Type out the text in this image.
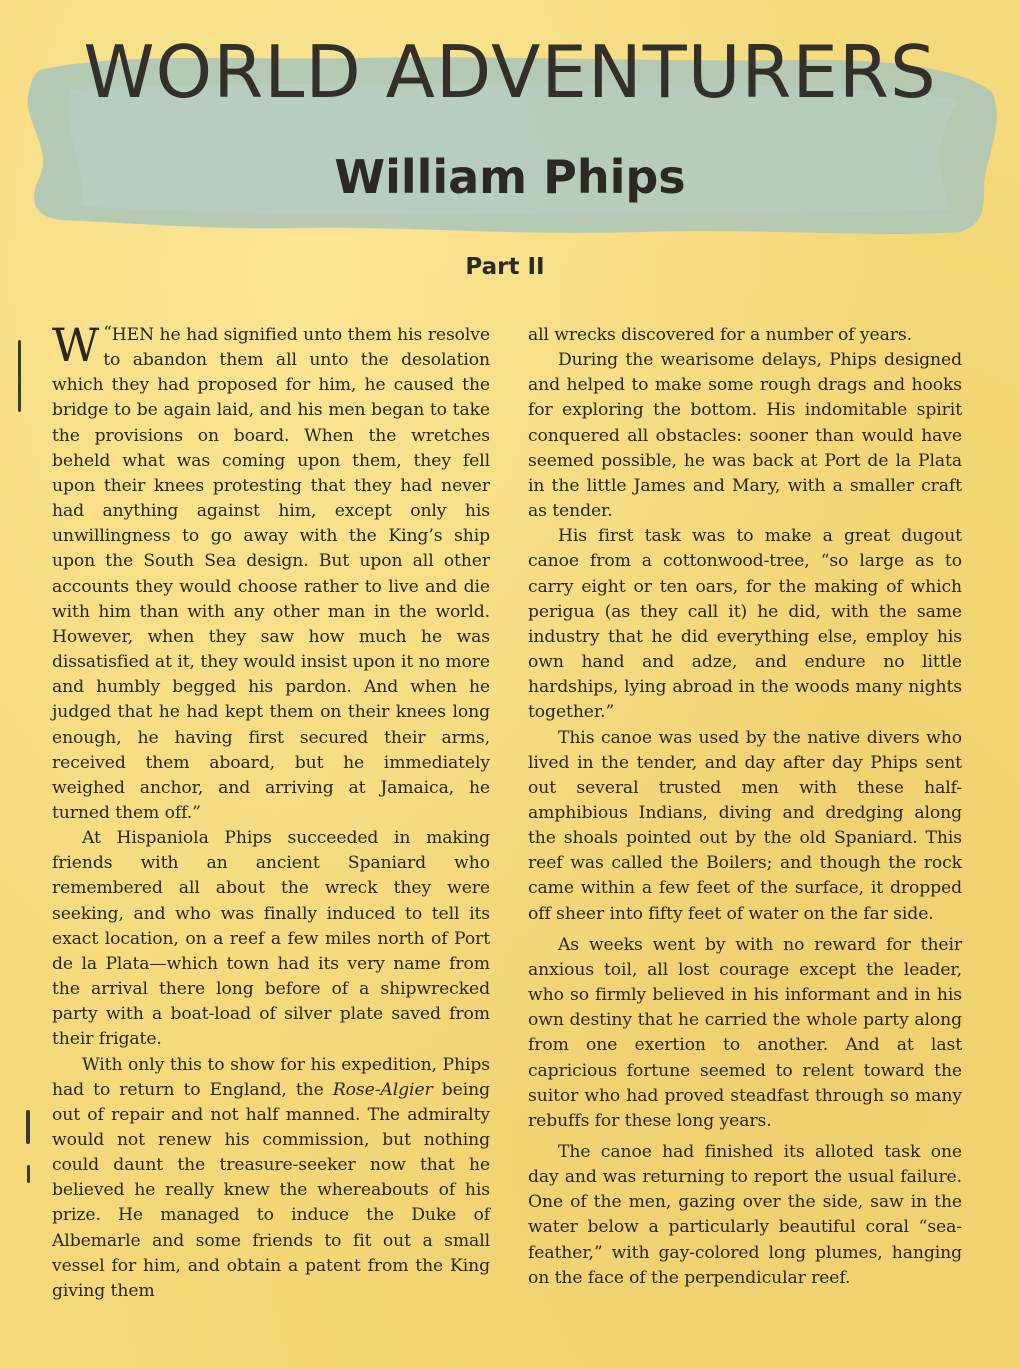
WORLD ADVENTURERS
William Phips
Part II

“
W HEN he had signified unto them his resolve to abandon them all unto the desolation which they had proposed for him, he caused the bridge to be again laid, and his men began to take the provisions on board. When the wretches beheld what was coming upon them, they fell upon their knees protesting that they had never had anything against him, except only his unwillingness to go away with the King’s ship upon the South Sea design. But upon all other accounts they would choose rather to live and die with him than with any other man in the world. However, when they saw how much he was dissatisfied at it, they would insist upon it no more and humbly begged his pardon. And when he judged that he had kept them on their knees long enough, he having first secured their arms, received them aboard, but he immediately weighed anchor, and arriving at Jamaica, he turned them off.”

At Hispaniola Phips succeeded in making friends with an ancient Spaniard who remembered all about the wreck they were seeking, and who was finally induced to tell its exact location, on a reef a few miles north of Port de la Plata—which town had its very name from the arrival there long before of a shipwrecked party with a boat-load of silver plate saved from their frigate.

With only this to show for his expedition, Phips had to return to England, the Rose-Algier being out of repair and not half manned. The admiralty would not renew his commission, but nothing could daunt the treasure-seeker now that he believed he really knew the whereabouts of his prize. He managed to induce the Duke of Albemarle and some friends to fit out a small vessel for him, and obtain a patent from the King giving them

all wrecks discovered for a number of years.

During the wearisome delays, Phips designed and helped to make some rough drags and hooks for exploring the bottom. His indomitable spirit conquered all obstacles: sooner than would have seemed possible, he was back at Port de la Plata in the little James and Mary, with a smaller craft as tender.

His first task was to make a great dugout canoe from a cottonwood-tree, “so large as to carry eight or ten oars, for the making of which perigua (as they call it) he did, with the same industry that he did everything else, employ his own hand and adze, and endure no little hardships, lying abroad in the woods many nights together.”

This canoe was used by the native divers who lived in the tender, and day after day Phips sent out several trusted men with these half-amphibious Indians, diving and dredging along the shoals pointed out by the old Spaniard. This reef was called the Boilers; and though the rock came within a few feet of the surface, it dropped off sheer into fifty feet of water on the far side.

As weeks went by with no reward for their anxious toil, all lost courage except the leader, who so firmly believed in his informant and in his own destiny that he carried the whole party along from one exertion to another. And at last capricious fortune seemed to relent toward the suitor who had proved steadfast through so many rebuffs for these long years.

The canoe had finished its alloted task one day and was returning to report the usual failure. One of the men, gazing over the side, saw in the water below a particularly beautiful coral “sea-feather,” with gay-colored long plumes, hanging on the face of the perpendicular reef.
